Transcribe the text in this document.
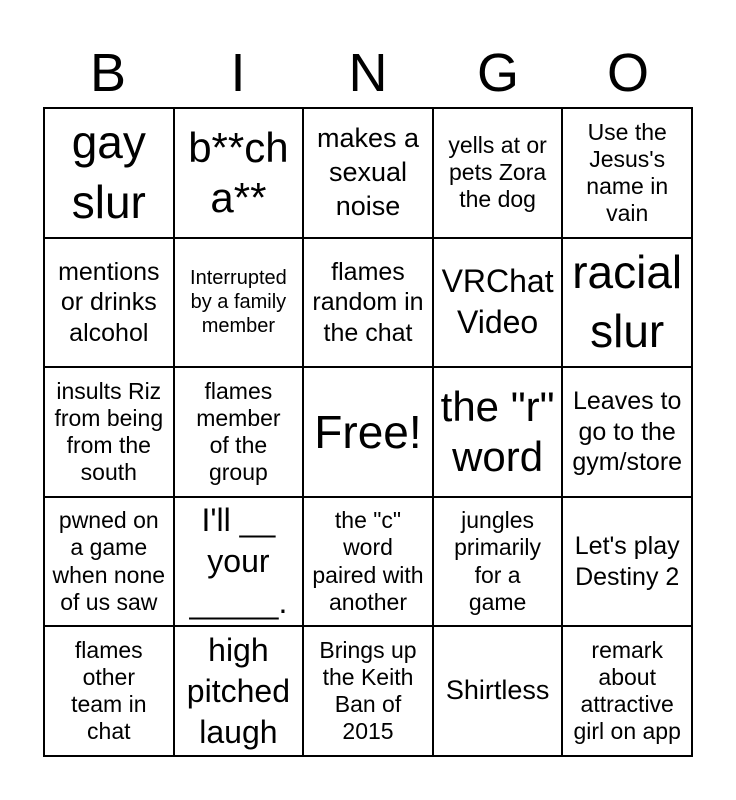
B	I	N	G	O
gay
slur
b**ch
a**
makes a
sexual
noise
yells at or
pets Zora
the dog
Use the
Jesus's
name in
vain
mentions
or drinks
alcohol
Interrupted
by a family
member
flames
random in
the chat
VRChat
Video
racial
slur
insults Riz
from being
from the
south
flames
member
of the
group
Free! the "r"
word
Leaves to
go to the
gym/store
pwned on
a game
when none
of us saw
I'll __
your
_____.
the "c"
word
paired with
another
jungles
primarily
for a
game
Let's play
Destiny 2
flames
other
team in
chat
high
pitched
laugh
Brings up
the Keith
Ban of
2015
Shirtless
remark
about
attractive
girl on app
